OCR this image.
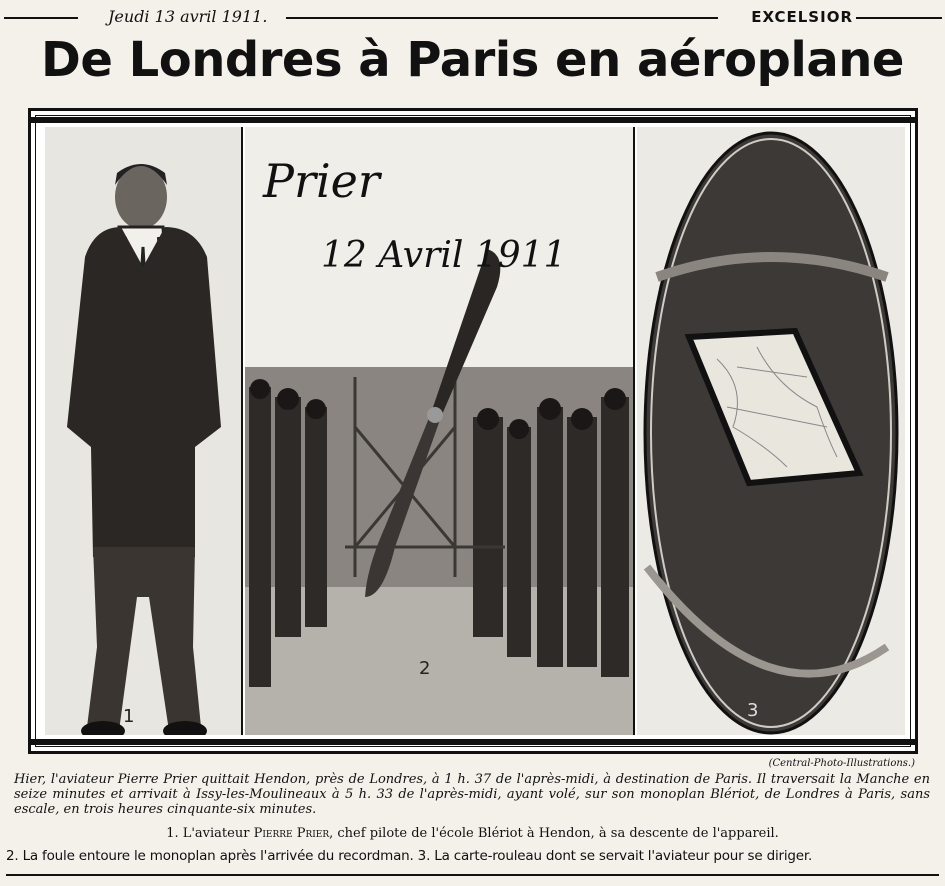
Jeudi 13 avril 1911.	EXCELSIOR
De Londres à Paris en aéroplane
1
Prier
12 Avril 1911
2
3
(Central-Photo-Illustrations.)
Hier, l'aviateur Pierre Prier quittait Hendon, près de Londres, à 1 h. 37 de l'après-midi, à destination de Paris. Il traversait la Manche en seize minutes et arrivait à Issy-les-Moulineaux à 5 h. 33 de l'après-midi, ayant volé, sur son monoplan Blériot, de Londres à Paris, sans escale, en trois heures cinquante-six minutes.
1. L'aviateur Pierre Prier, chef pilote de l'école Blériot à Hendon, à sa descente de l'appareil.
2. La foule entoure le monoplan après l'arrivée du recordman. 3. La carte-rouleau dont se servait l'aviateur pour se diriger.
